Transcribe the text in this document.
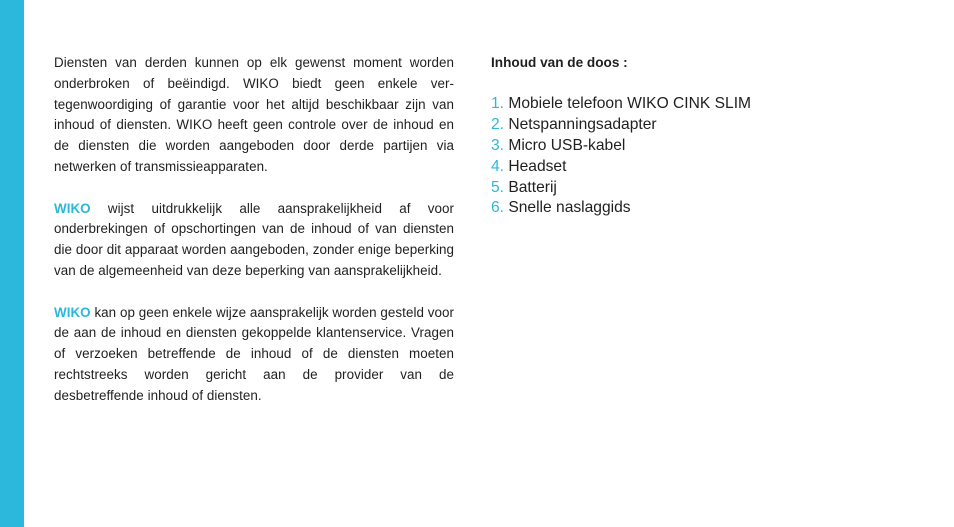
Diensten van derden kunnen op elk gewenst moment worden onderbroken of beëindigd. WIKO biedt geen enkele vertegenwoordiging of garantie voor het altijd beschikbaar zijn van inhoud of diensten. WIKO heeft geen controle over de inhoud en de diensten die worden aangeboden door derde partijen via netwerken of transmissieapparaten.

WIKO wijst uitdrukkelijk alle aansprakelijkheid af voor onderbrekingen of opschortingen van de inhoud of van diensten die door dit apparaat worden aangeboden, zonder enige beperking van de algemeenheid van deze beperking van aansprakelijkheid.

WIKO kan op geen enkele wijze aansprakelijk worden gesteld voor de aan de inhoud en diensten gekoppelde klantenservice. Vragen of verzoeken betreffende de inhoud of de diensten moeten rechtstreeks worden gericht aan de provider van de desbetreffende inhoud of diensten.

Inhoud van de doos :
1. Mobiele telefoon WIKO CINK SLIM
2. Netspanningsadapter
3. Micro USB-kabel
4. Headset
5. Batterij
6. Snelle naslaggids
